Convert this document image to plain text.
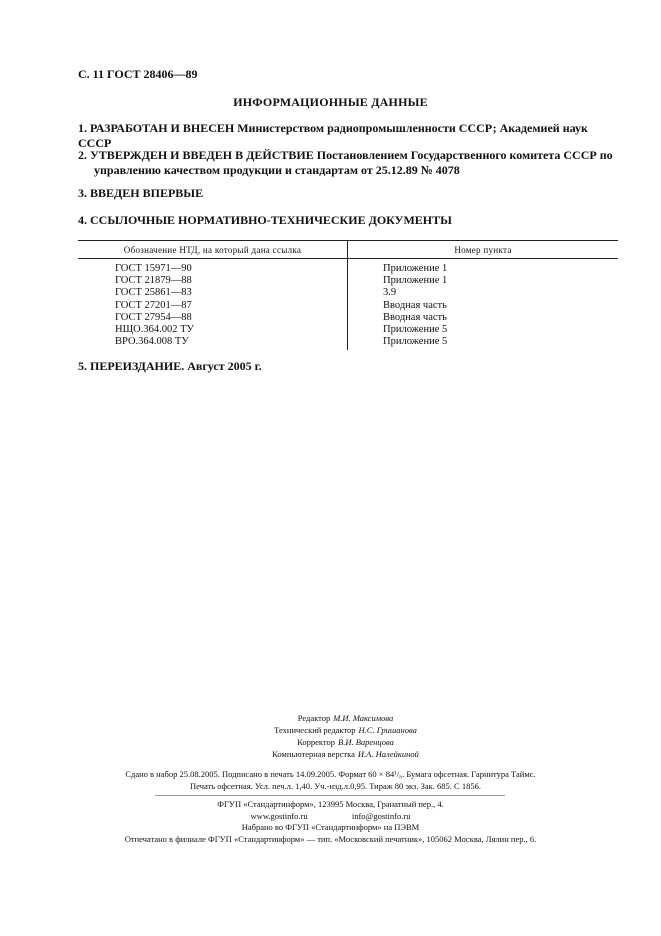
С. 11 ГОСТ 28406—89
ИНФОРМАЦИОННЫЕ ДАННЫЕ
1. РАЗРАБОТАН И ВНЕСЕН Министерством радиопромышленности СССР; Академией наук СССР
2. УТВЕРЖДЕН И ВВЕДЕН В ДЕЙСТВИЕ Постановлением Государственного комитета СССР по
управлению качеством продукции и стандартам от 25.12.89 № 4078
3. ВВЕДЕН ВПЕРВЫЕ
4. ССЫЛОЧНЫЕ НОРМАТИВНО-ТЕХНИЧЕСКИЕ ДОКУМЕНТЫ
Обозначение НТД, на который дана ссылка	Номер пункта
ГОСТ 15971—90	Приложение 1
ГОСТ 21879—88	Приложение 1
ГОСТ 25861—83	3.9
ГОСТ 27201—87	Вводная часть
ГОСТ 27954—88	Вводная часть
НЩО.364.002 ТУ	Приложение 5
ВРО.364.008 ТУ	Приложение 5
5. ПЕРЕИЗДАНИЕ. Август 2005 г.
Редактор М.И. Максимова
Технический редактор Н.С. Гришанова
Корректор В.И. Варенцова
Компьютерная верстка И.А. Налейкиной
Сдано в набор 25.08.2005. Подписано в печать 14.09.2005. Формат 60 × 84¹/₈. Бумага офсетная. Гарнитура Таймс.
Печать офсетная. Усл. печ.л. 1,40. Уч.-изд.л.0,95. Тираж 80 экз. Зак. 685. С 1856.
ФГУП «Стандартинформ», 123995 Москва, Гранатный пер., 4.
www.gostinfo.ru	info@gostinfo.ru
Набрано во ФГУП «Стандартинформ» на ПЭВМ
Отпечатано в филиале ФГУП «Стандартинформ» — тип. «Московский печатник», 105062 Москва, Лялин пер., 6.
